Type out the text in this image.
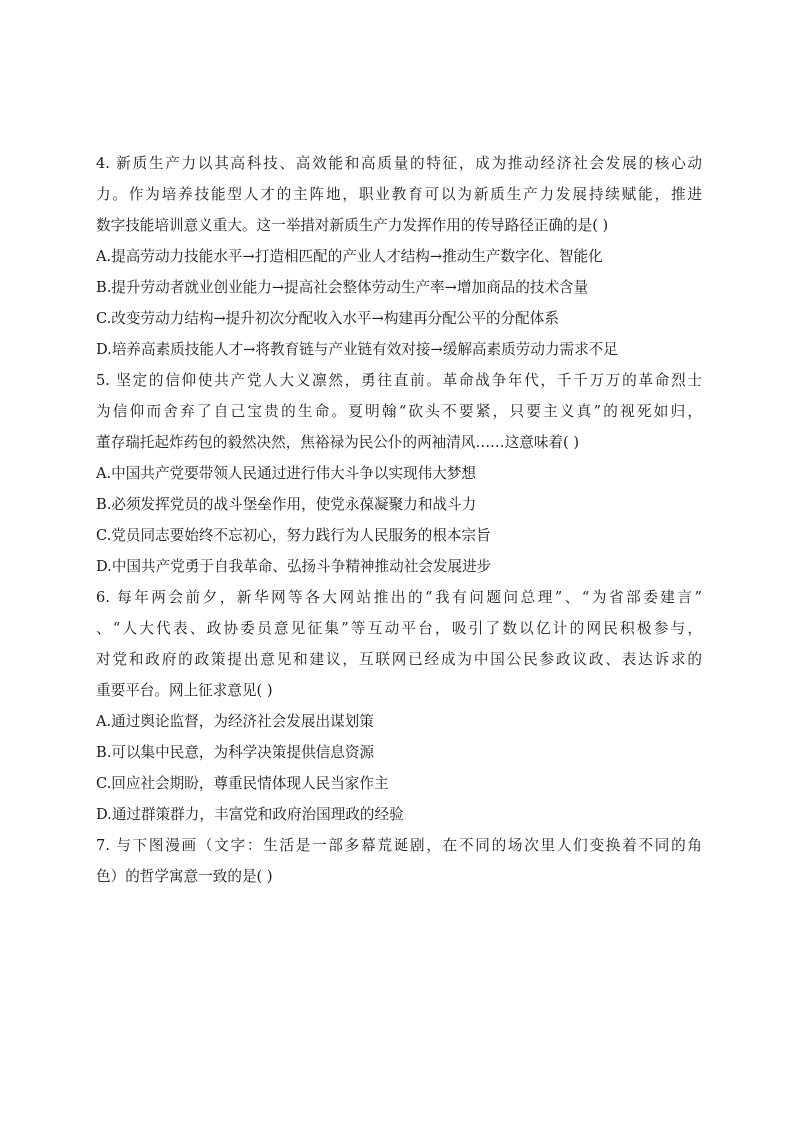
4. 新质生产力以其高科技、高效能和高质量的特征，成为推动经济社会发展的核心动
力。作为培养技能型人才的主阵地，职业教育可以为新质生产力发展持续赋能，推进
数字技能培训意义重大。这一举措对新质生产力发挥作用的传导路径正确的是( )
A.提高劳动力技能水平→打造相匹配的产业人才结构→推动生产数字化、智能化
B.提升劳动者就业创业能力→提高社会整体劳动生产率→增加商品的技术含量
C.改变劳动力结构→提升初次分配收入水平→构建再分配公平的分配体系
D.培养高素质技能人才→将教育链与产业链有效对接→缓解高素质劳动力需求不足
5. 坚定的信仰使共产党人大义凛然，勇往直前。革命战争年代，千千万万的革命烈士
为信仰而舍弃了自己宝贵的生命。夏明翰“砍头不要紧，只要主义真”的视死如归，
董存瑞托起炸药包的毅然决然，焦裕禄为民公仆的两袖清风……这意味着( )
A.中国共产党要带领人民通过进行伟大斗争以实现伟大梦想
B.必须发挥党员的战斗堡垒作用，使党永葆凝聚力和战斗力
C.党员同志要始终不忘初心，努力践行为人民服务的根本宗旨
D.中国共产党勇于自我革命、弘扬斗争精神推动社会发展进步
6. 每年两会前夕，新华网等各大网站推出的“我有问题问总理”、“为省部委建言”
、“人大代表、政协委员意见征集”等互动平台，吸引了数以亿计的网民积极参与，
对党和政府的政策提出意见和建议，互联网已经成为中国公民参政议政、表达诉求的
重要平台。网上征求意见( )
A.通过舆论监督，为经济社会发展出谋划策
B.可以集中民意，为科学决策提供信息资源
C.回应社会期盼，尊重民情体现人民当家作主
D.通过群策群力，丰富党和政府治国理政的经验
7. 与下图漫画（文字：生活是一部多幕荒诞剧，在不同的场次里人们变换着不同的角
色）的哲学寓意一致的是( )
